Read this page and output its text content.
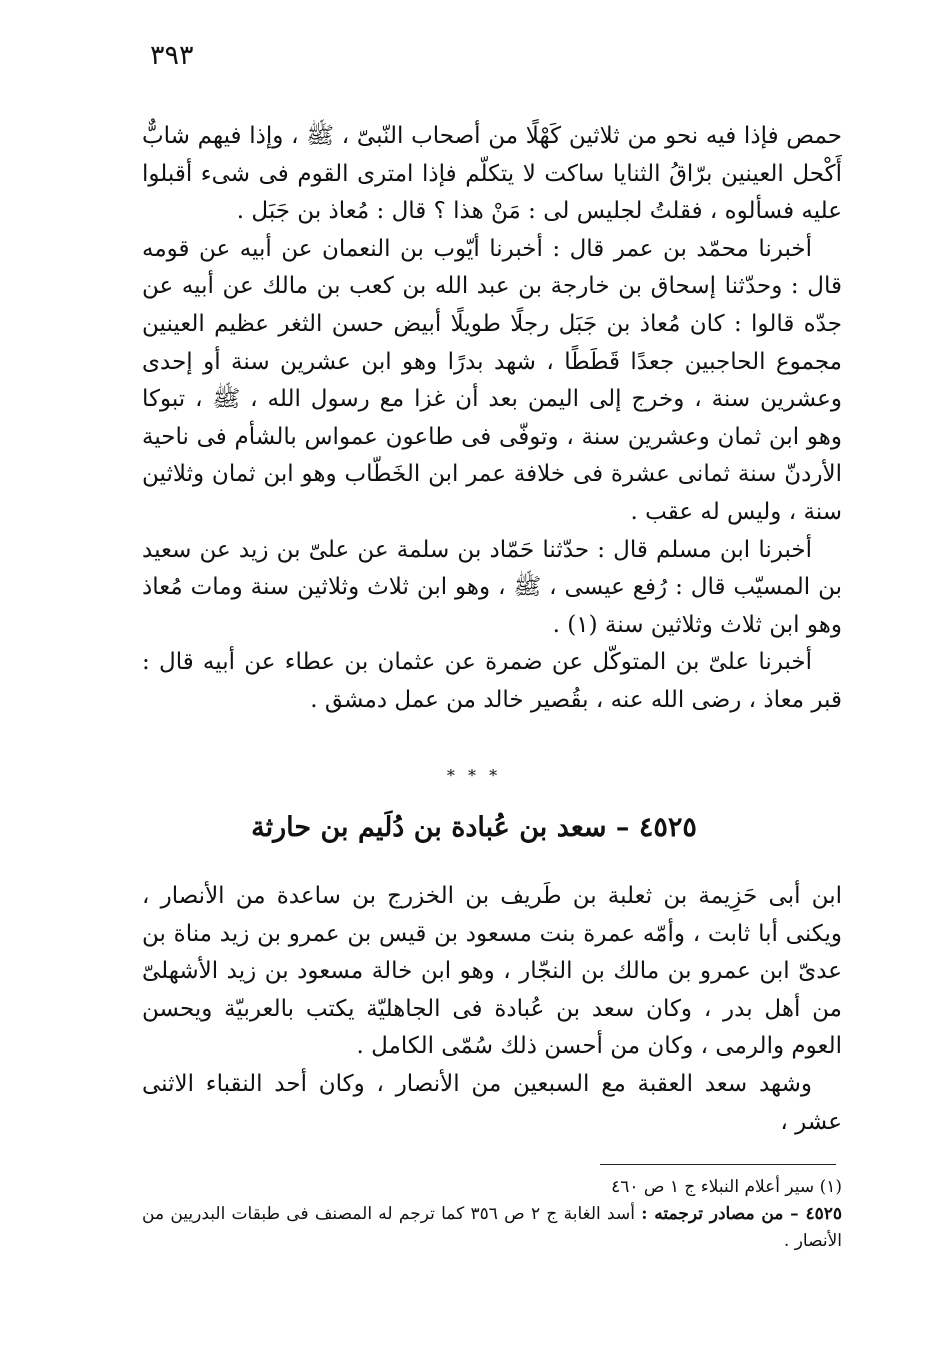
٣٩٣

حمص فإذا فيه نحو من ثلاثين كَهْلًا من أصحاب النّبىّ ، ﷺ ، وإذا فيهم شابٌّ أَكْحل العينين برّاقُ الثنايا ساكت لا يتكلّم فإذا امترى القوم فى شىء أقبلوا عليه فسألوه ، فقلتُ لجليس لى : مَنْ هذا ؟ قال : مُعاذ بن جَبَل .

أخبرنا محمّد بن عمر قال : أخبرنا أيّوب بن النعمان عن أبيه عن قومه قال : وحدّثنا إسحاق بن خارجة بن عبد الله بن كعب بن مالك عن أبيه عن جدّه قالوا : كان مُعاذ بن جَبَل رجلًا طويلًا أبيض حسن الثغر عظيم العينين مجموع الحاجبين جعدًا قَطَطًا ، شهد بدرًا وهو ابن عشرين سنة أو إحدى وعشرين سنة ، وخرج إلى اليمن بعد أن غزا مع رسول الله ، ﷺ ، تبوكا وهو ابن ثمان وعشرين سنة ، وتوفّى فى طاعون عمواس بالشأم فى ناحية الأردنّ سنة ثمانى عشرة فى خلافة عمر ابن الخَطّاب وهو ابن ثمان وثلاثين سنة ، وليس له عقب .

أخبرنا ابن مسلم قال : حدّثنا حَمّاد بن سلمة عن علىّ بن زيد عن سعيد بن المسيّب قال : رُفع عيسى ، ﷺ ، وهو ابن ثلاث وثلاثين سنة ومات مُعاذ وهو ابن ثلاث وثلاثين سنة (١) .

أخبرنا علىّ بن المتوكّل عن ضمرة عن عثمان بن عطاء عن أبيه قال : قبر معاذ ، رضى الله عنه ، بقُصير خالد من عمل دمشق .

* * *
٤٥٢٥ – سعد بن عُبادة بن دُلَيم بن حارثة

ابن أبى حَزِيمة بن ثعلبة بن طَريف بن الخزرج بن ساعدة من الأنصار ، ويكنى أبا ثابت ، وأمّه عمرة بنت مسعود بن قيس بن عمرو بن زيد مناة بن عدىّ ابن عمرو بن مالك بن النجّار ، وهو ابن خالة مسعود بن زيد الأشهلىّ من أهل بدر ، وكان سعد بن عُبادة فى الجاهليّة يكتب بالعربيّة ويحسن العوم والرمى ، وكان من أحسن ذلك سُمّى الكامل .

وشهد سعد العقبة مع السبعين من الأنصار ، وكان أحد النقباء الاثنى عشر ،

(١) سير أعلام النبلاء ج ١ ص ٤٦٠

٤٥٢٥ – من مصادر ترجمته : أسد الغابة ج ٢ ص ٣٥٦ كما ترجم له المصنف فى طبقات البدريين من الأنصار .
